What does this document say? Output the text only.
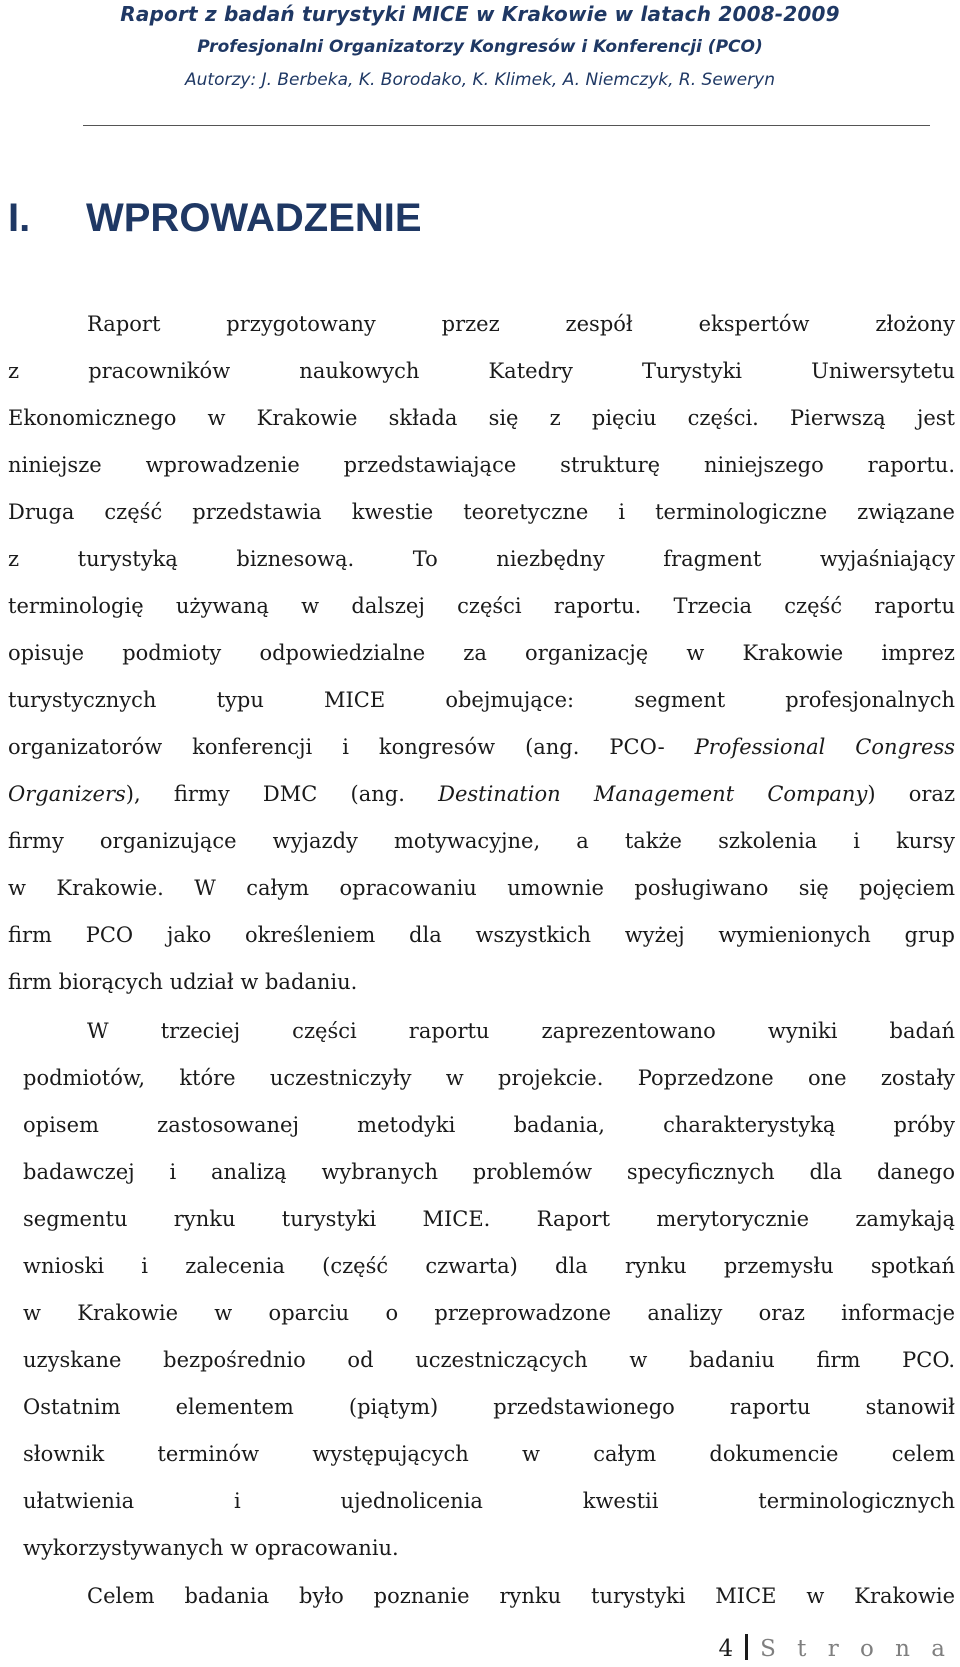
Raport z badań turystyki MICE w Krakowie w latach 2008-2009
Profesjonalni Organizatorzy Kongresów i Konferencji (PCO)
Autorzy: J. Berbeka, K. Borodako, K. Klimek, A. Niemczyk, R. Seweryn
I. WPROWADZENIE
Raport przygotowany przez zespół ekspertów złożony
z pracowników naukowych Katedry Turystyki Uniwersytetu
Ekonomicznego w Krakowie składa się z pięciu części. Pierwszą jest
niniejsze wprowadzenie przedstawiające strukturę niniejszego raportu.
Druga część przedstawia kwestie teoretyczne i terminologiczne związane
z turystyką biznesową. To niezbędny fragment wyjaśniający
terminologię używaną w dalszej części raportu. Trzecia część raportu
opisuje podmioty odpowiedzialne za organizację w Krakowie imprez
turystycznych typu MICE obejmujące: segment profesjonalnych
organizatorów konferencji i kongresów (ang. PCO- Professional Congress
Organizers), firmy DMC (ang. Destination Management Company) oraz
firmy organizujące wyjazdy motywacyjne, a także szkolenia i kursy
w Krakowie. W całym opracowaniu umownie posługiwano się pojęciem
firm PCO jako określeniem dla wszystkich wyżej wymienionych grup
firm biorących udział w badaniu.
W trzeciej części raportu zaprezentowano wyniki badań
podmiotów, które uczestniczyły w projekcie. Poprzedzone one zostały
opisem zastosowanej metodyki badania, charakterystyką próby
badawczej i analizą wybranych problemów specyficznych dla danego
segmentu rynku turystyki MICE. Raport merytorycznie zamykają
wnioski i zalecenia (część czwarta) dla rynku przemysłu spotkań
w Krakowie w oparciu o przeprowadzone analizy oraz informacje
uzyskane bezpośrednio od uczestniczących w badaniu firm PCO.
Ostatnim elementem (piątym) przedstawionego raportu stanowił
słownik terminów występujących w całym dokumencie celem
ułatwienia i ujednolicenia kwestii terminologicznych
wykorzystywanych w opracowaniu.
Celem badania było poznanie rynku turystyki MICE w Krakowie
4 S t r o n a
